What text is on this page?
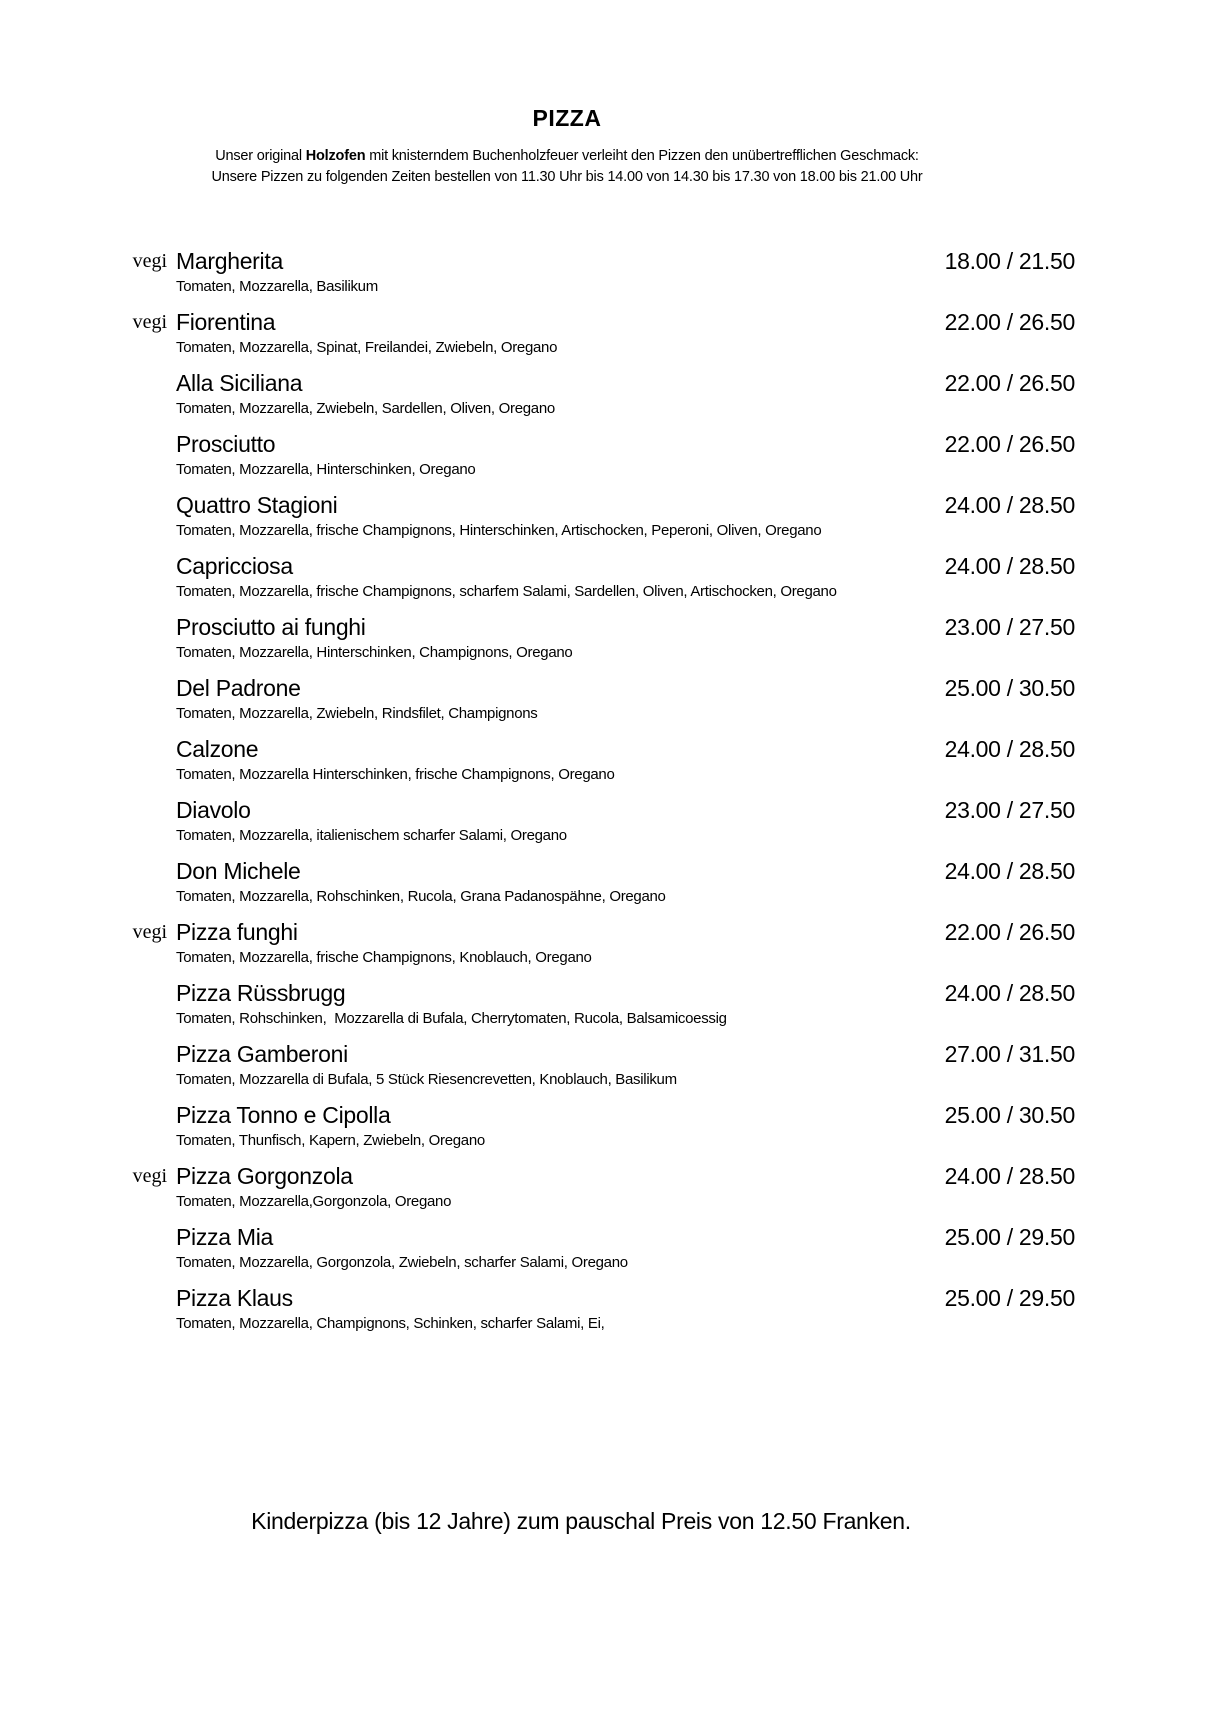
PIZZA
Unser original Holzofen mit knisterndem Buchenholzfeuer verleiht den Pizzen den unübertrefflichen Geschmack:
Unsere Pizzen zu folgenden Zeiten bestellen von 11.30 Uhr bis 14.00 von 14.30 bis 17.30 von 18.00 bis 21.00 Uhr
vegi Margherita
Tomaten, Mozzarella, Basilikum
18.00 / 21.50
vegi Fiorentina
Tomaten, Mozzarella, Spinat, Freilandei, Zwiebeln, Oregano
22.00 / 26.50
Alla Siciliana
Tomaten, Mozzarella, Zwiebeln, Sardellen, Oliven, Oregano
22.00 / 26.50
Prosciutto
Tomaten, Mozzarella, Hinterschinken, Oregano
22.00 / 26.50
Quattro Stagioni
Tomaten, Mozzarella, frische Champignons, Hinterschinken, Artischocken, Peperoni, Oliven, Oregano
24.00 / 28.50
Capricciosa
Tomaten, Mozzarella, frische Champignons, scharfem Salami, Sardellen, Oliven, Artischocken, Oregano
24.00 / 28.50
Prosciutto ai funghi
Tomaten, Mozzarella, Hinterschinken, Champignons, Oregano
23.00 / 27.50
Del Padrone
Tomaten, Mozzarella, Zwiebeln, Rindsfilet, Champignons
25.00 / 30.50
Calzone
Tomaten, Mozzarella Hinterschinken, frische Champignons, Oregano
24.00 / 28.50
Diavolo
Tomaten, Mozzarella, italienischem scharfer Salami, Oregano
23.00 / 27.50
Don Michele
Tomaten, Mozzarella, Rohschinken, Rucola, Grana Padanospähne, Oregano
24.00 / 28.50
vegi Pizza funghi
Tomaten, Mozzarella, frische Champignons, Knoblauch, Oregano
22.00 / 26.50
Pizza Rüssbrugg
Tomaten, Rohschinken,  Mozzarella di Bufala, Cherrytomaten, Rucola, Balsamicoessig
24.00 / 28.50
Pizza Gamberoni
Tomaten, Mozzarella di Bufala, 5 Stück Riesencrevetten, Knoblauch, Basilikum
27.00 / 31.50
Pizza Tonno e Cipolla
Tomaten, Thunfisch, Kapern, Zwiebeln, Oregano
25.00 / 30.50
vegi Pizza Gorgonzola
Tomaten, Mozzarella,Gorgonzola, Oregano
24.00 / 28.50
Pizza Mia
Tomaten, Mozzarella, Gorgonzola, Zwiebeln, scharfer Salami, Oregano
25.00 / 29.50
Pizza Klaus
Tomaten, Mozzarella, Champignons, Schinken, scharfer Salami, Ei,
25.00 / 29.50
Kinderpizza (bis 12 Jahre) zum pauschal Preis von 12.50 Franken.
